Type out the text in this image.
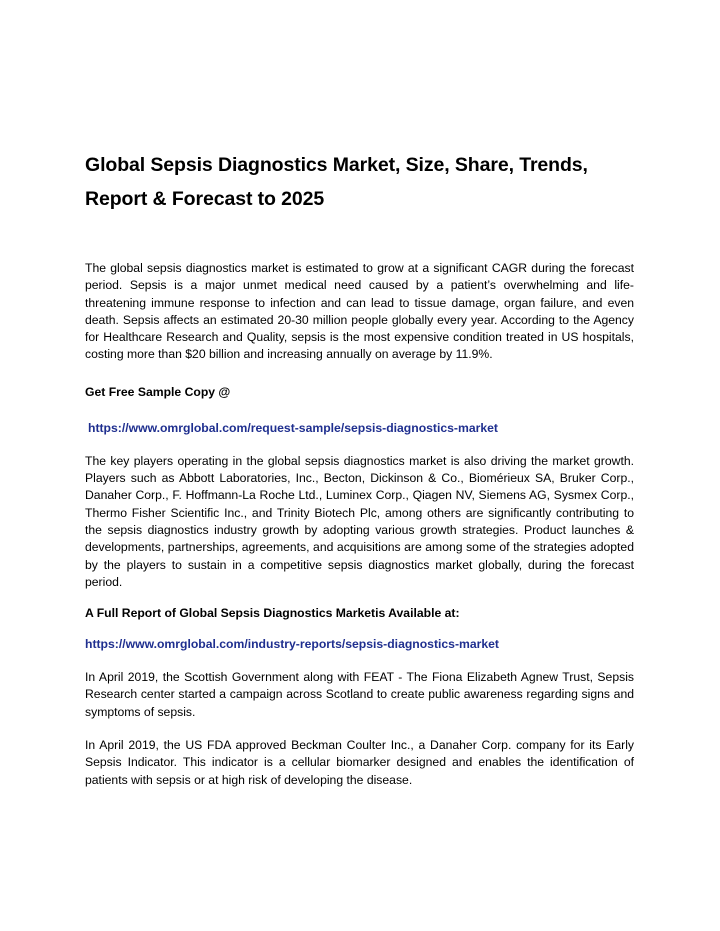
Global Sepsis Diagnostics Market, Size, Share, Trends, Report & Forecast to 2025

The global sepsis diagnostics market is estimated to grow at a significant CAGR during the forecast period. Sepsis is a major unmet medical need caused by a patient’s overwhelming and life-threatening immune response to infection and can lead to tissue damage, organ failure, and even death. Sepsis affects an estimated 20-30 million people globally every year. According to the Agency for Healthcare Research and Quality, sepsis is the most expensive condition treated in US hospitals, costing more than $20 billion and increasing annually on average by 11.9%.

Get Free Sample Copy @

https://www.omrglobal.com/request-sample/sepsis-diagnostics-market

The key players operating in the global sepsis diagnostics market is also driving the market growth. Players such as Abbott Laboratories, Inc., Becton, Dickinson & Co., Biomérieux SA, Bruker Corp., Danaher Corp., F. Hoffmann-La Roche Ltd., Luminex Corp., Qiagen NV, Siemens AG, Sysmex Corp., Thermo Fisher Scientific Inc., and Trinity Biotech Plc, among others are significantly contributing to the sepsis diagnostics industry growth by adopting various growth strategies. Product launches & developments, partnerships, agreements, and acquisitions are among some of the strategies adopted by the players to sustain in a competitive sepsis diagnostics market globally, during the forecast period.

A Full Report of Global Sepsis Diagnostics Marketis Available at:

https://www.omrglobal.com/industry-reports/sepsis-diagnostics-market

In April 2019, the Scottish Government along with FEAT - The Fiona Elizabeth Agnew Trust, Sepsis Research center started a campaign across Scotland to create public awareness regarding signs and symptoms of sepsis.

In April 2019, the US FDA approved Beckman Coulter Inc., a Danaher Corp. company for its Early Sepsis Indicator. This indicator is a cellular biomarker designed and enables the identification of patients with sepsis or at high risk of developing the disease.
